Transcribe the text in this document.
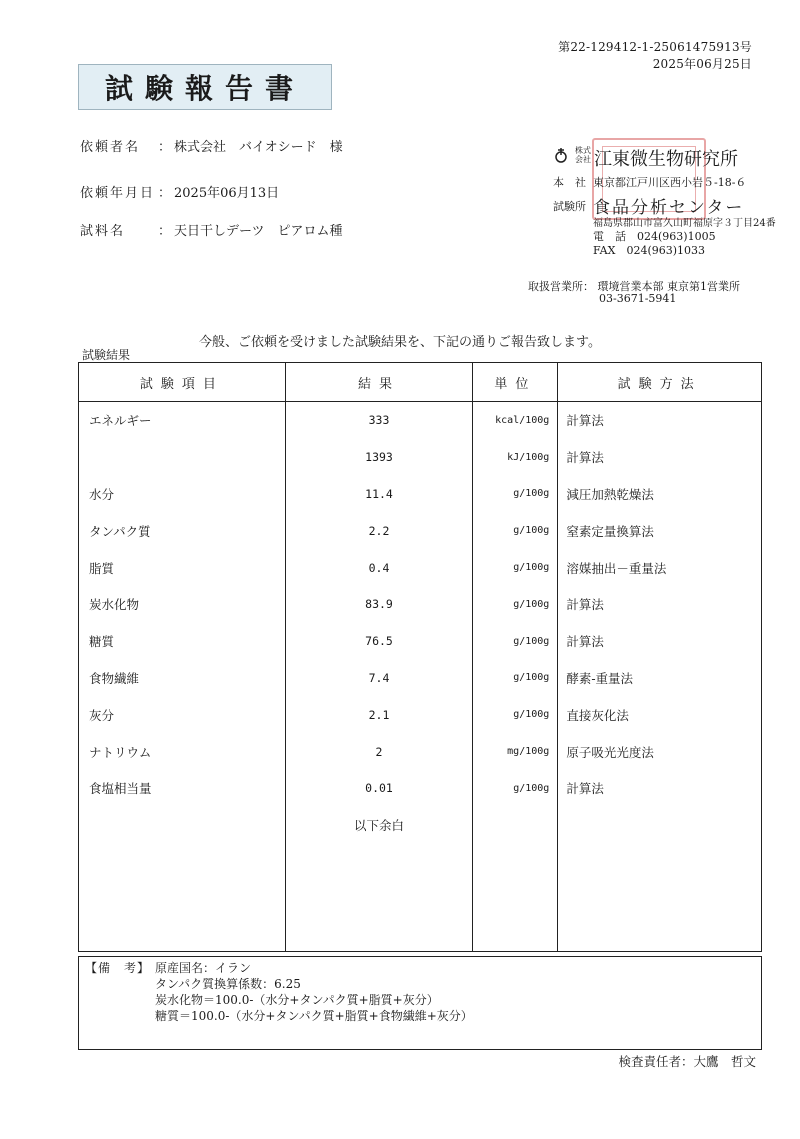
第22-129412-1-25061475913号
2025年06月25日
試験報告書
依頼者名 ： 株式会社　バイオシード　様
依頼年月日 ： 2025年06月13日
試料名	： 天日干しデーツ　ピアロム種
株式会社 江東微生物研究所
本　社 東京都江戸川区西小岩５-18-６
試験所 食品分析センター
福島県郡山市富久山町福原字３丁目24番
電　話　024(963)1005
FAX　024(963)1033
取扱営業所： 環境営業本部 東京第1営業所
03-3671-5941
今般、ご依頼を受けました試験結果を、下記の通りご報告致します。
試験結果
試験項目	結果	単位	試験方法
エネルギー	333	kcal/100g	計算法
	1393	kJ/100g	計算法
水分	11.4	g/100g	減圧加熱乾燥法
タンパク質	2.2	g/100g	窒素定量換算法
脂質	0.4	g/100g	溶媒抽出－重量法
炭水化物	83.9	g/100g	計算法
糖質	76.5	g/100g	計算法
食物繊維	7.4	g/100g	酵素-重量法
灰分	2.1	g/100g	直接灰化法
ナトリウム	2	mg/100g	原子吸光光度法
食塩相当量	0.01	g/100g	計算法
	以下余白		

【備　考】 原産国名：イラン
タンパク質換算係数：6.25
炭水化物＝100.0-（水分+タンパク質+脂質+灰分）
糖質＝100.0-（水分+タンパク質+脂質+食物繊維+灰分）
検査責任者：大鷹　哲文
